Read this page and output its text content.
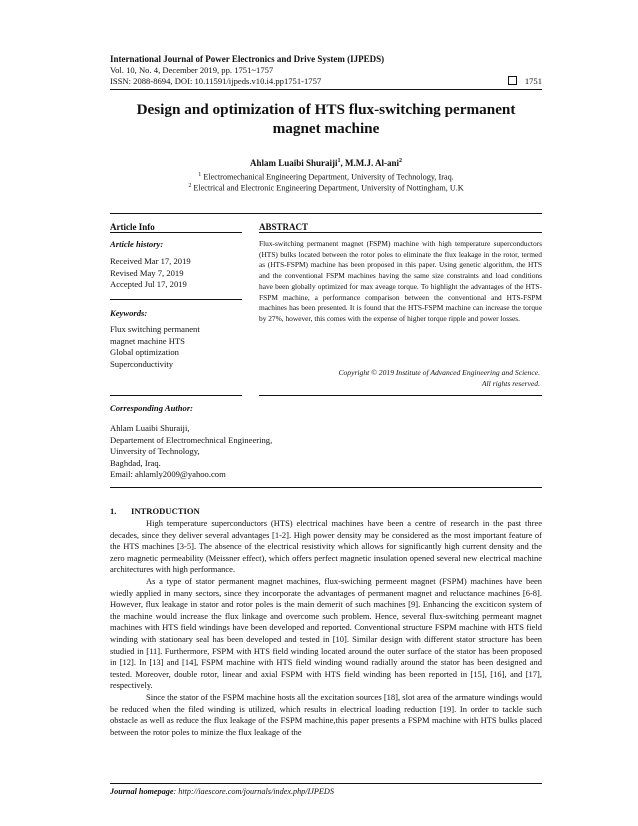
International Journal of Power Electronics and Drive System (IJPEDS)
Vol. 10, No. 4, December 2019, pp. 1751~1757
ISSN: 2088-8694, DOI: 10.11591/ijpeds.v10.i4.pp1751-1757	1751
Design and optimization of HTS flux-switching permanent
magnet machine
Ahlam Luaibi Shuraiji$^1$, M.M.J. Al-ani$^2$
$^1$ Electromechanical Engineering Department, University of Technology, Iraq.
$^2$ Electrical and Electronic Engineering Department, University of Nottingham, U.K
Article Info	ABSTRACT
Article history:
Received Mar 17, 2019
Revised May 7, 2019
Accepted Jul 17, 2019
Keywords:
Flux switching permanent
magnet machine HTS
Global optimization
Superconductivity
Flux-switching permanent magnet (FSPM) machine with high temperature superconductors (HTS) bulks located between the rotor poles to eliminate the flux leakage in the rotor, termed as (HTS-FSPM) machine has been proposed in this paper. Using genetic algorithm, the HTS and the conventional FSPM machines having the same size constraints and load conditions have been globally optimized for max aveage torque. To highlight the advantages of the HTS-FSPM machine, a performance comparison between the conventional and HTS-FSPM machines has been presented. It is found that the HTS-FSPM machine can increase the torque by 27%, however, this comes with the expense of higher torque ripple and power losses.
Copyright © 2019 Institute of Advanced Engineering and Science.
All rights reserved.
Corresponding Author:
Ahlam Luaibi Shuraiji,
Departement of Electromechnical Engineering,
Uinversity of Technology,
Baghdad, Iraq.
Email: ahlamly2009@yahoo.com
1. INTRODUCTION

High temperature superconductors (HTS) electrical machines have been a centre of research in the past three decades, since they deliver several advantages [1-2]. High power density may be considered as the most important feature of the HTS machines [3-5]. The absence of the electrical resistivity which allows for significantly high current density and the zero magnetic permeability (Meissner effect), which offers perfect magnetic insulation opened several new electrical machine architectures with high performance.

As a type of stator permanent magnet machines, flux-swiching permeent magnet (FSPM) machines have been wiedly applied in many sectors, since they incorporate the advantages of permanent magnet and reluctance machines [6-8]. However, flux leakage in stator and rotor poles is the main demerit of such machines [9]. Enhancing the exciticon system of the machine would increase the flux linkage and overcome such problem. Hence, several flux-switching permeant magnet machines with HTS field windings have been developed and reported. Conventional structure FSPM machine with HTS field winding with stationary seal has been developed and tested in [10]. Similar design with different stator structure has been studied in [11]. Furthermore, FSPM with HTS field winding located around the outer surface of the stator has been proposed in [12]. In [13] and [14], FSPM machine with HTS field winding wound radially around the stator has been designed and tested. Moreover, double rotor, linear and axial FSPM with HTS field winding has been reported in [15], [16], and [17], respectively.

Since the stator of the FSPM machine hosts all the excitation sources [18], slot area of the armature windings would be reduced when the filed winding is utilized, which results in electrical loading reduction [19]. In order to tackle such obstacle as well as reduce the flux leakage of the FSPM machine,this paper presents a FSPM machine with HTS bulks placed between the rotor poles to minize the flux leakage of the

Journal homepage: http://iaescore.com/journals/index.php/IJPEDS
